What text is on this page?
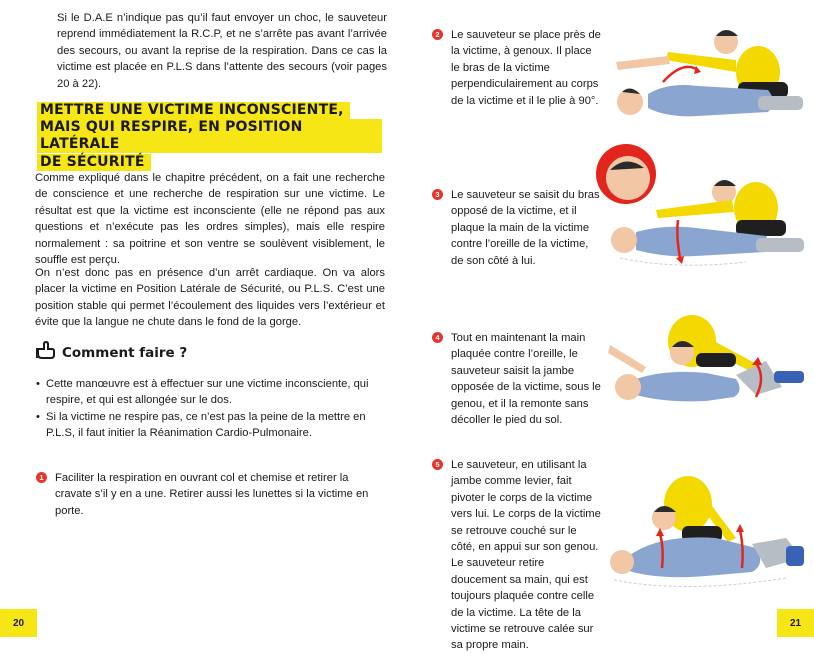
Si le D.A.E n’indique pas qu’il faut envoyer un choc, le sauveteur reprend immédiatement la R.C.P, et ne s’arrête pas avant l’arrivée des secours, ou avant la reprise de la respiration. Dans ce cas la victime est placée en P.L.S dans l’attente des secours (voir pages 20 à 22).
METTRE UNE VICTIME INCONSCIENTE,
MAIS QUI RESPIRE, EN POSITION LATÉRALE
DE SÉCURITÉ
Comme expliqué dans le chapitre précédent, on a fait une recherche de conscience et une recherche de respiration sur une victime. Le résultat est que la victime est inconsciente (elle ne répond pas aux questions et n’exécute pas les ordres simples), mais elle respire normalement : sa poitrine et son ventre se soulèvent visiblement, le souffle est perçu.
On n’est donc pas en présence d’un arrêt cardiaque. On va alors placer la victime en Position Latérale de Sécurité, ou P.L.S. C’est une position stable qui permet l’écoulement des liquides vers l’extérieur et évite que la langue ne chute dans le fond de la gorge.
Comment faire ?
• Cette manœuvre est à effectuer sur une victime inconsciente, qui respire, et qui est allongée sur le dos.
• Si la victime ne respire pas, ce n’est pas la peine de la mettre en P.L.S, il faut initier la Réanimation Cardio-Pulmonaire.
1	Faciliter la respiration en ouvrant col et chemise et retirer la cravate s’il y en a une. Retirer aussi les lunettes si la victime en porte.
2	Le sauveteur se place près de la victime, à genoux. Il place le bras de la victime perpendiculairement au corps de la victime et il le plie à 90°.
3	Le sauveteur se saisit du bras opposé de la victime, et il plaque la main de la victime contre l’oreille de la victime, de son côté à lui.
4	Tout en maintenant la main plaquée contre l’oreille, le sauveteur saisit la jambe opposée de la victime, sous le genou, et il la remonte sans décoller le pied du sol.
5	Le sauveteur, en utilisant la jambe comme levier, fait pivoter le corps de la victime vers lui. Le corps de la victime se retrouve couché sur le côté, en appui sur son genou. Le sauveteur retire doucement sa main, qui est toujours plaquée contre celle de la victime. La tête de la victime se retrouve calée sur sa propre main.
20	21
